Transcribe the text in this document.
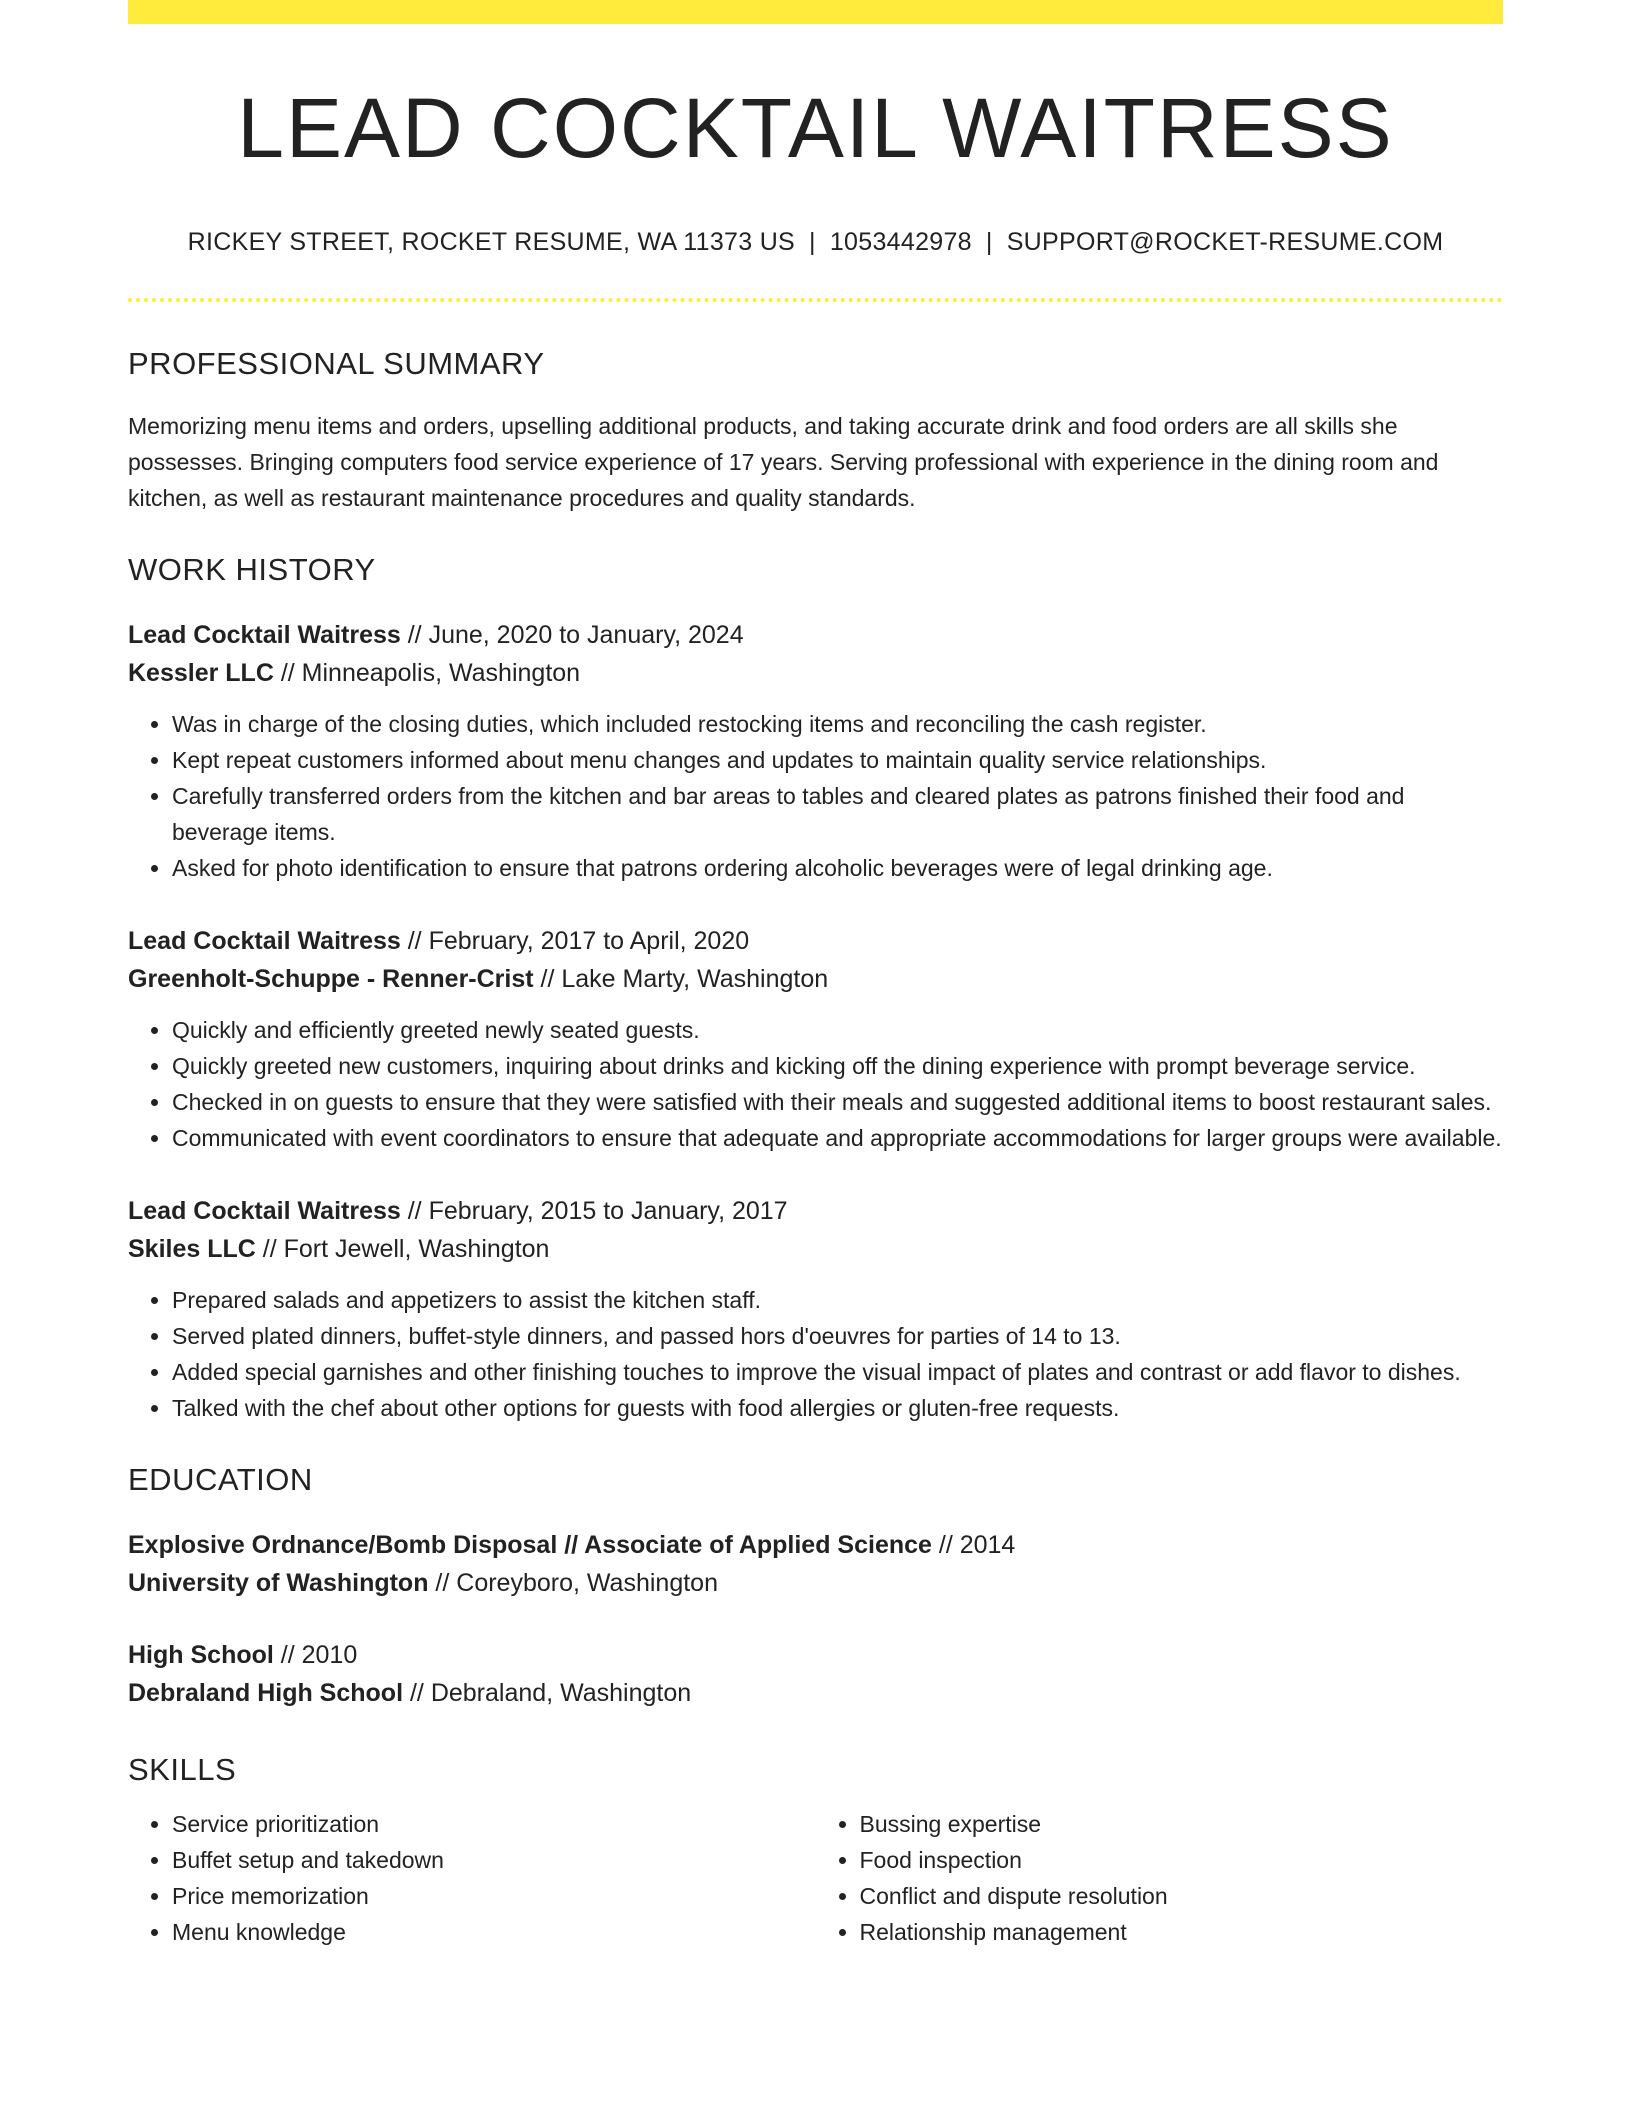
LEAD COCKTAIL WAITRESS
RICKEY STREET, ROCKET RESUME, WA 11373 US | 1053442978 | SUPPORT@ROCKET-RESUME.COM
PROFESSIONAL SUMMARY
Memorizing menu items and orders, upselling additional products, and taking accurate drink and food orders are all skills she possesses. Bringing computers food service experience of 17 years. Serving professional with experience in the dining room and kitchen, as well as restaurant maintenance procedures and quality standards.
WORK HISTORY
Lead Cocktail Waitress // June, 2020 to January, 2024
Kessler LLC // Minneapolis, Washington
• Was in charge of the closing duties, which included restocking items and reconciling the cash register.
• Kept repeat customers informed about menu changes and updates to maintain quality service relationships.
• Carefully transferred orders from the kitchen and bar areas to tables and cleared plates as patrons finished their food and beverage items.
• Asked for photo identification to ensure that patrons ordering alcoholic beverages were of legal drinking age.
Lead Cocktail Waitress // February, 2017 to April, 2020
Greenholt-Schuppe - Renner-Crist // Lake Marty, Washington
• Quickly and efficiently greeted newly seated guests.
• Quickly greeted new customers, inquiring about drinks and kicking off the dining experience with prompt beverage service.
• Checked in on guests to ensure that they were satisfied with their meals and suggested additional items to boost restaurant sales.
• Communicated with event coordinators to ensure that adequate and appropriate accommodations for larger groups were available.
Lead Cocktail Waitress // February, 2015 to January, 2017
Skiles LLC // Fort Jewell, Washington
• Prepared salads and appetizers to assist the kitchen staff.
• Served plated dinners, buffet-style dinners, and passed hors d'oeuvres for parties of 14 to 13.
• Added special garnishes and other finishing touches to improve the visual impact of plates and contrast or add flavor to dishes.
• Talked with the chef about other options for guests with food allergies or gluten-free requests.
EDUCATION
Explosive Ordnance/Bomb Disposal // Associate of Applied Science // 2014
University of Washington // Coreyboro, Washington
High School // 2010
Debraland High School // Debraland, Washington
SKILLS
• Service prioritization
• Buffet setup and takedown
• Price memorization
• Menu knowledge
• Bussing expertise
• Food inspection
• Conflict and dispute resolution
• Relationship management
